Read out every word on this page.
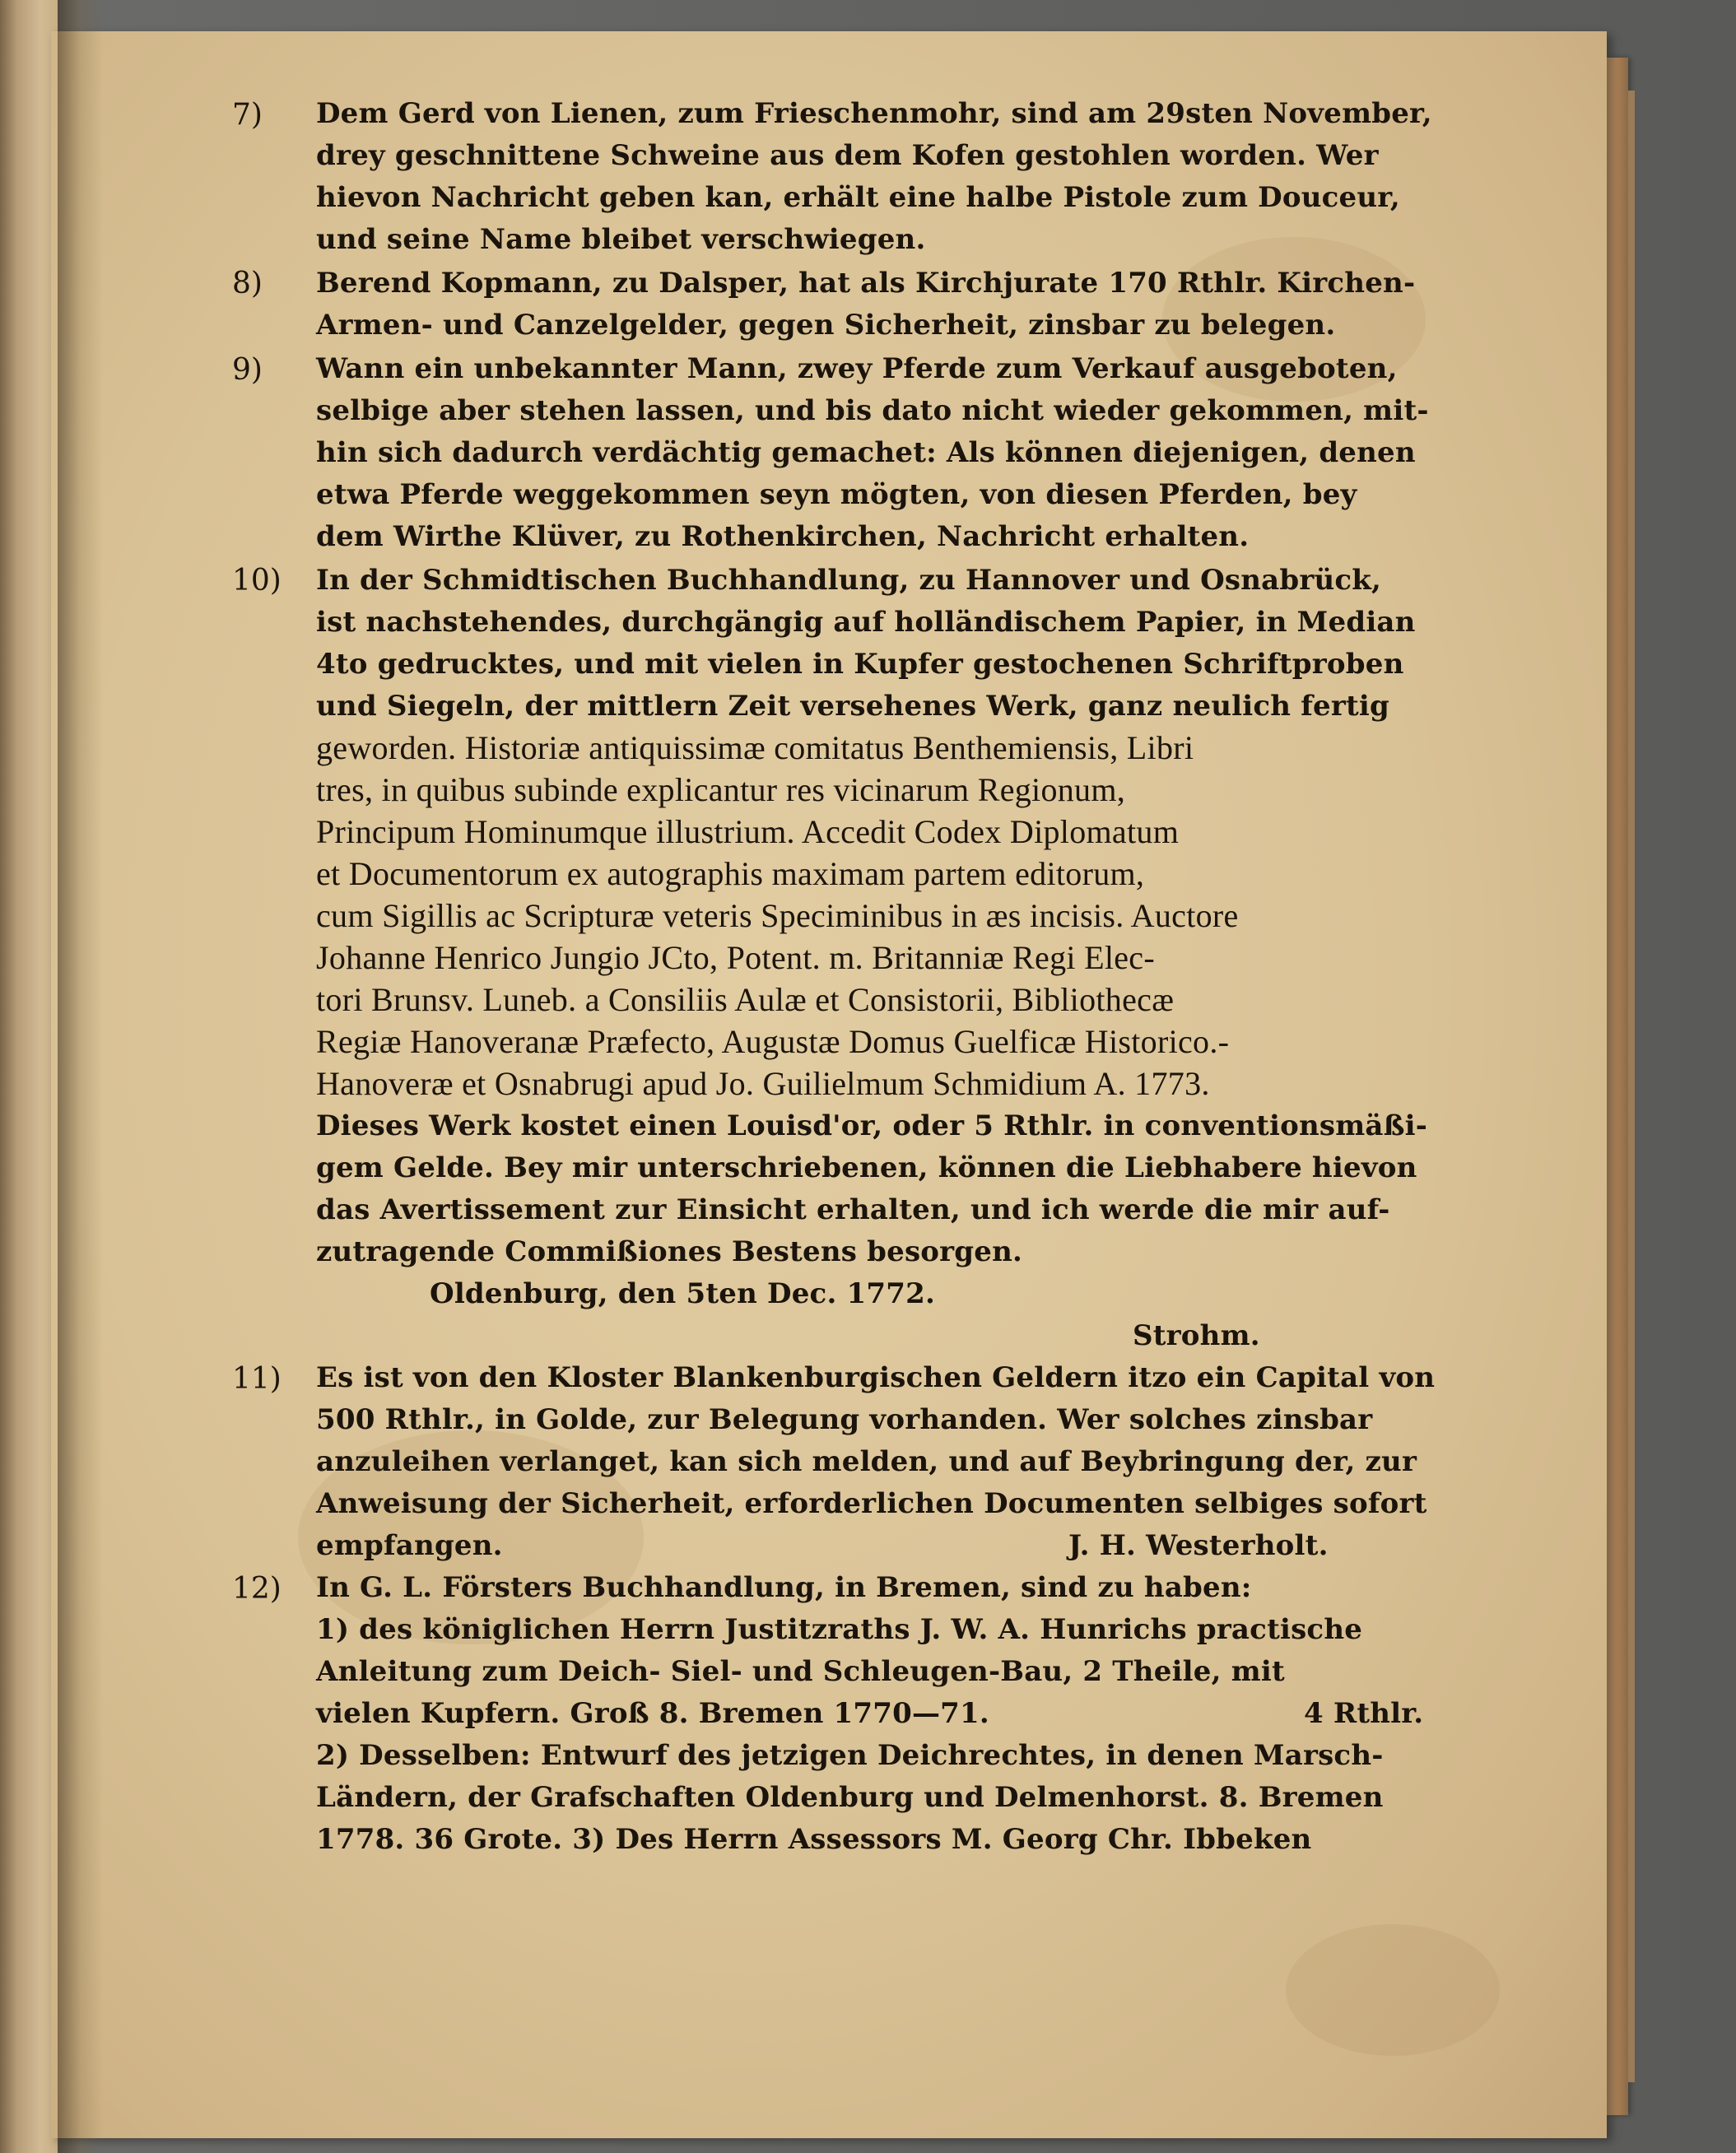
7) Dem Gerd von Lienen, zum Frieschenmohr, sind am 29sten November,
drey geschnittene Schweine aus dem Kofen gestohlen worden. Wer
hievon Nachricht geben kan, erhält eine halbe Pistole zum Douceur,
und seine Name bleibet verschwiegen.
8) Berend Kopmann, zu Dalsper, hat als Kirchjurate 170 Rthlr. Kirchen-
Armen- und Canzelgelder, gegen Sicherheit, zinsbar zu belegen.
9) Wann ein unbekannter Mann, zwey Pferde zum Verkauf ausgeboten,
selbige aber stehen lassen, und bis dato nicht wieder gekommen, mit-
hin sich dadurch verdächtig gemachet: Als können diejenigen, denen
etwa Pferde weggekommen seyn mögten, von diesen Pferden, bey
dem Wirthe Klüver, zu Rothenkirchen, Nachricht erhalten.
10) In der Schmidtischen Buchhandlung, zu Hannover und Osnabrück,
ist nachstehendes, durchgängig auf holländischem Papier, in Median
4to gedrucktes, und mit vielen in Kupfer gestochenen Schriftproben
und Siegeln, der mittlern Zeit versehenes Werk, ganz neulich fertig
geworden. Historiæ antiquissimæ comitatus Benthemiensis, Libri
tres, in quibus subinde explicantur res vicinarum Regionum,
Principum Hominumque illustrium. Accedit Codex Diplomatum
et Documentorum ex autographis maximam partem editorum,
cum Sigillis ac Scripturæ veteris Speciminibus in æs incisis. Auctore
Johanne Henrico Jungio JCto, Potent. m. Britanniæ Regi Elec-
tori Brunsv. Luneb. a Consiliis Aulæ et Consistorii, Bibliothecæ
Regiæ Hanoveranæ Præfecto, Augustæ Domus Guelficæ Historico.-
Hanoveræ et Osnabrugi apud Jo. Guilielmum Schmidium A. 1773.
Dieses Werk kostet einen Louisd'or, oder 5 Rthlr. in conventionsmäßi-
gem Gelde. Bey mir unterschriebenen, können die Liebhabere hievon
das Avertissement zur Einsicht erhalten, und ich werde die mir auf-
zutragende Commißiones Bestens besorgen.
Oldenburg, den 5ten Dec. 1772.
Strohm.
11) Es ist von den Kloster Blankenburgischen Geldern itzo ein Capital von
500 Rthlr., in Golde, zur Belegung vorhanden. Wer solches zinsbar
anzuleihen verlanget, kan sich melden, und auf Beybringung der, zur
Anweisung der Sicherheit, erforderlichen Documenten selbiges sofort
empfangen.	J. H. Westerholt.
12) In G. L. Försters Buchhandlung, in Bremen, sind zu haben:
1) des königlichen Herrn Justitzraths J. W. A. Hunrichs practische
Anleitung zum Deich- Siel- und Schleugen-Bau, 2 Theile, mit
vielen Kupfern. Groß 8. Bremen 1770—71.	4 Rthlr.
2) Desselben: Entwurf des jetzigen Deichrechtes, in denen Marsch-
Ländern, der Grafschaften Oldenburg und Delmenhorst. 8. Bremen
1778. 36 Grote. 3) Des Herrn Assessors M. Georg Chr. Ibbeken
